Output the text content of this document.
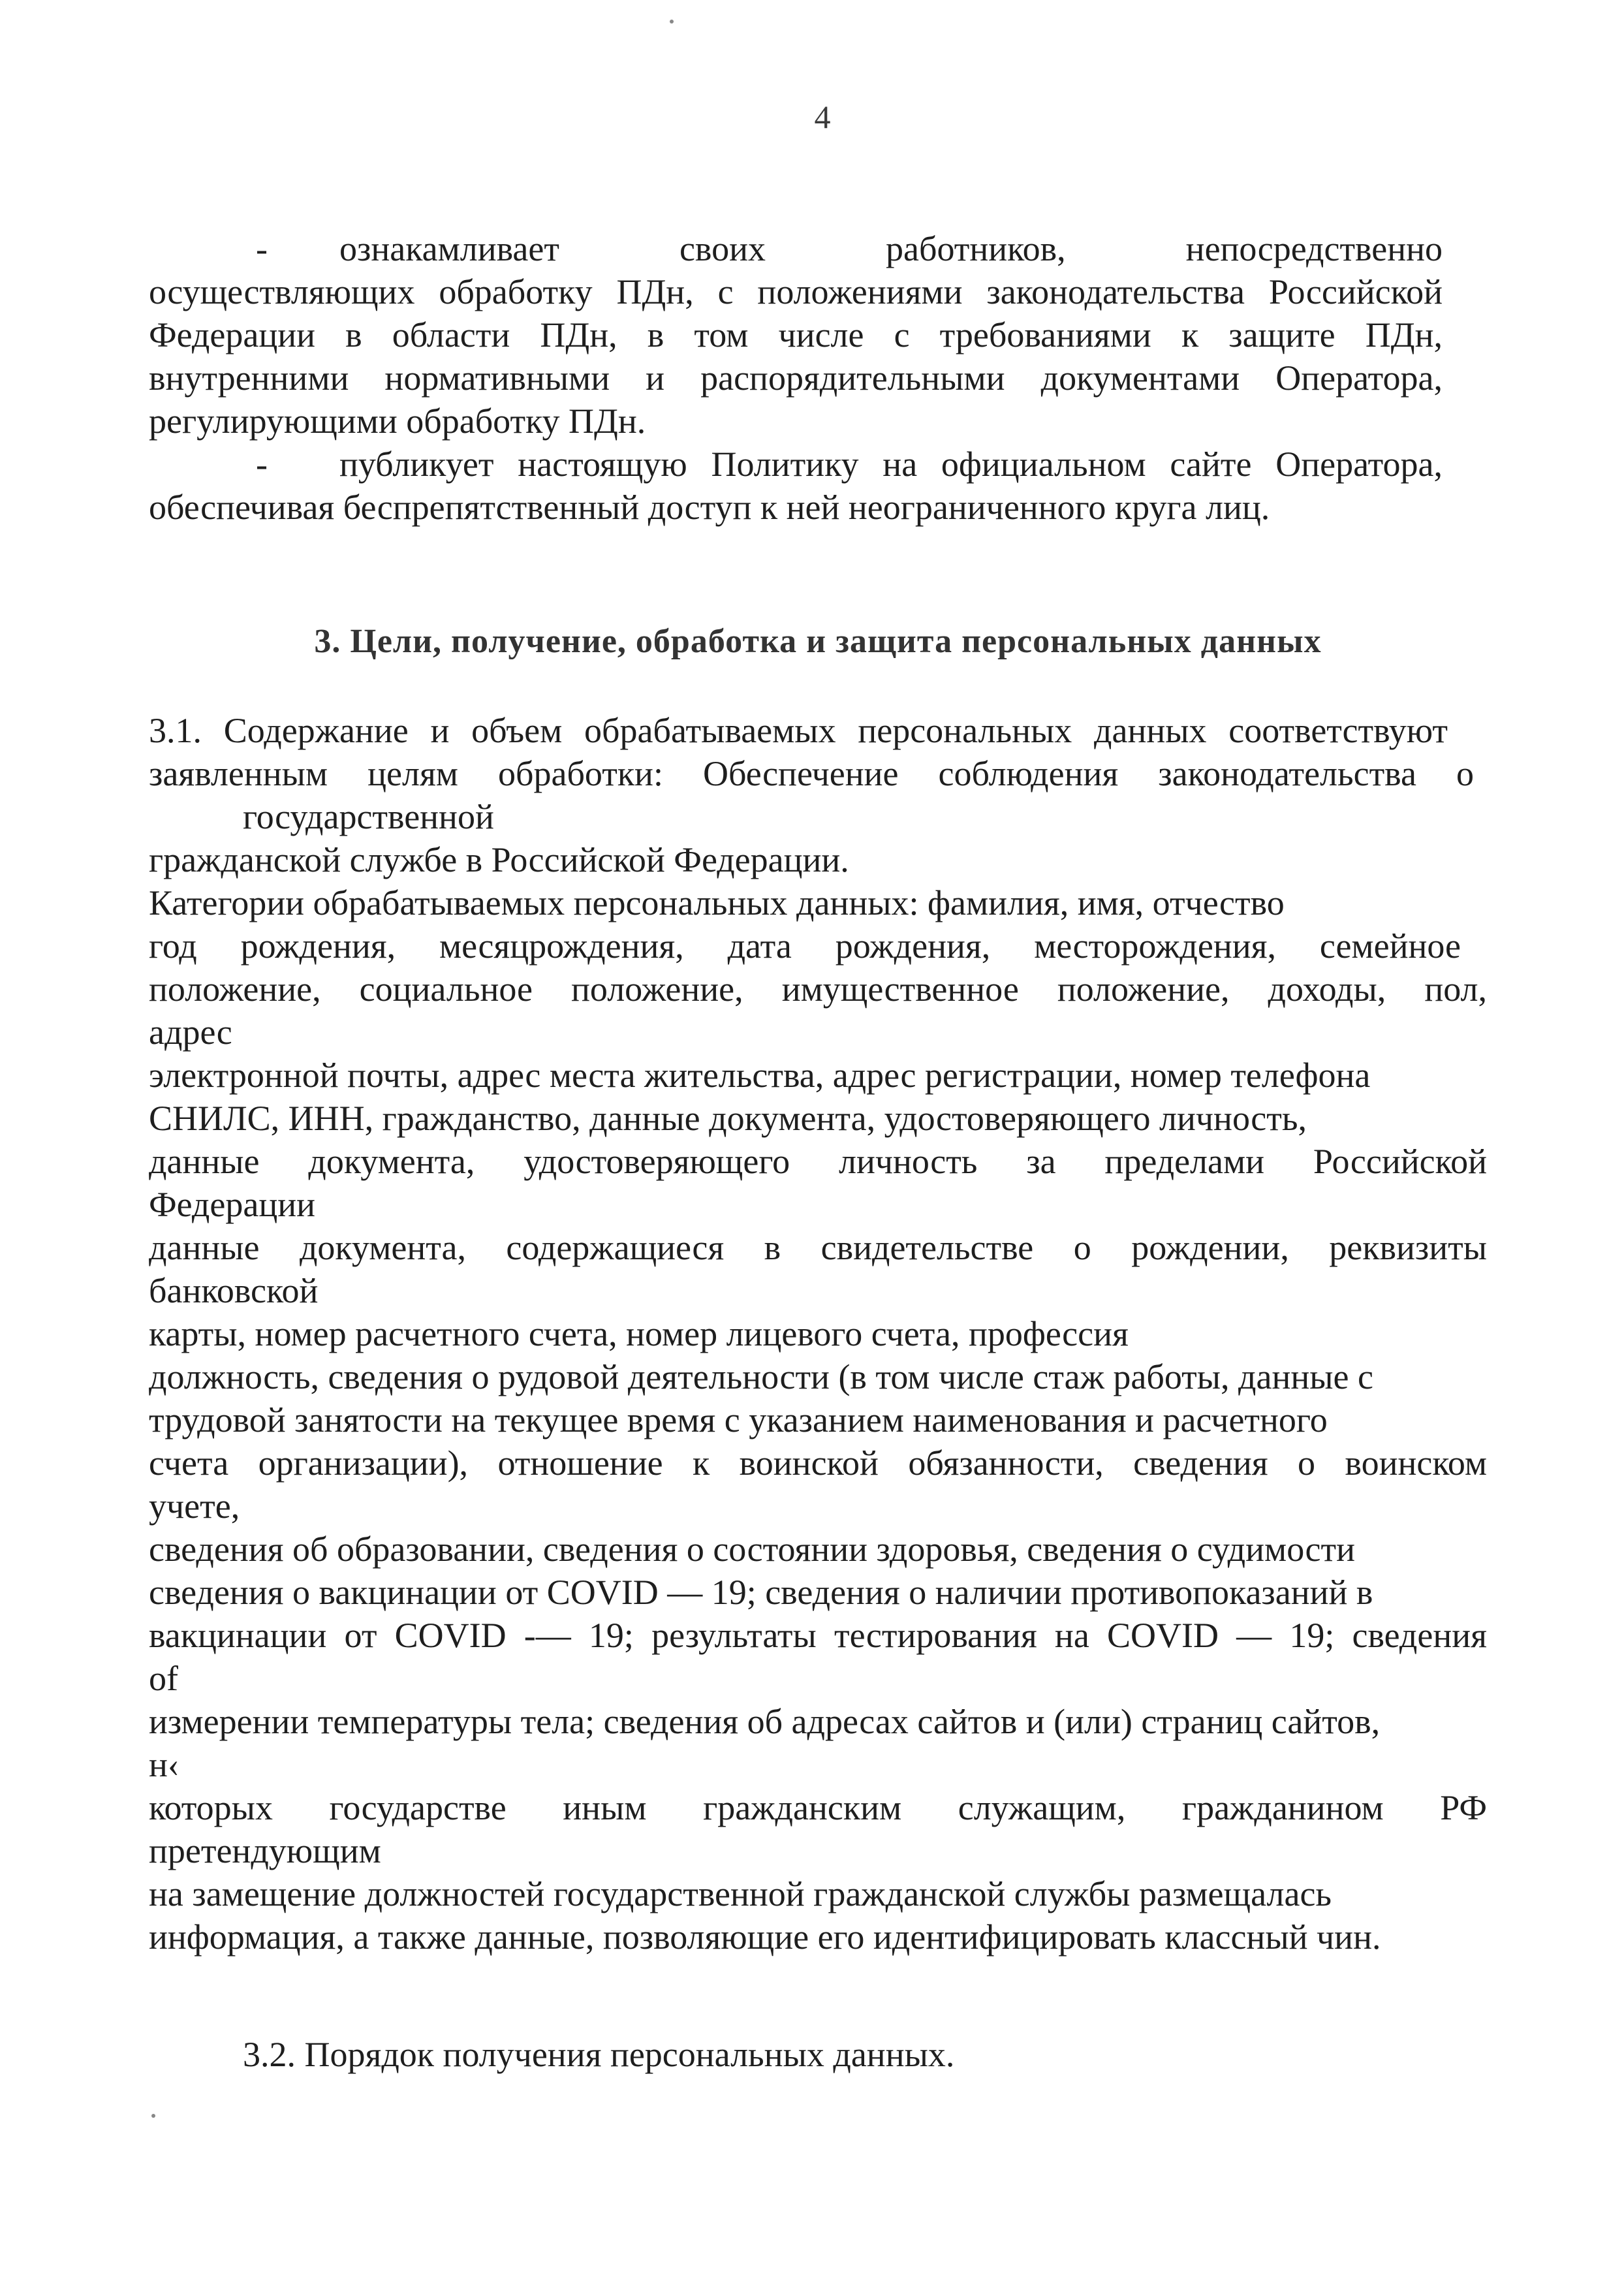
4
- ознакамливает своих работников, непосредственно
осуществляющих обработку ПДн, с положениями законодательства Российской
Федерации в области ПДн, в том числе с требованиями к защите ПДн,
внутренними нормативными и распорядительными документами Оператора,
регулирующими обработку ПДн.
- публикует настоящую Политику на официальном сайте Оператора,
обеспечивая беспрепятственный доступ к ней неограниченного круга лиц.
3. Цели, получение, обработка и защита персональных данных
3.1. Содержание и объем обрабатываемых персональных данных соответствуют
заявленным целям обработки: Обеспечение соблюдения законодательства о
государственной
гражданской службе в Российской Федерации.
Категории обрабатываемых персональных данных: фамилия, имя, отчество
год рождения, месяцрождения, дата рождения, месторождения, семейное
положение, социальное положение, имущественное положение, доходы, пол,
адрес
электронной почты, адрес места жительства, адрес регистрации, номер телефона
СНИЛС, ИНН, гражданство, данные документа, удостоверяющего личность,
данные документа, удостоверяющего личность за пределами Российской
Федерации
данные документа, содержащиеся в свидетельстве о рождении, реквизиты
банковской
карты, номер расчетного счета, номер лицевого счета, профессия
должность, сведения о рудовой деятельности (в том числе стаж работы, данные с
трудовой занятости на текущее время с указанием наименования и расчетного
счета организации), отношение к воинской обязанности, сведения о воинском
учете,
сведения об образовании, сведения о состоянии здоровья, сведения о судимости
сведения о вакцинации от COVID — 19; сведения о наличии противопоказаний в
вакцинации от COVID -— 19; результаты тестирования на COVID — 19; сведения
of
измерении температуры тела; сведения об адресах сайтов и (или) страниц сайтов,
н‹
которых государстве иным гражданским служащим, гражданином РФ
претендующим
на замещение должностей государственной гражданской службы размещалась
информация, а также данные, позволяющие его идентифицировать классный чин.
3.2. Порядок получения персональных данных.
